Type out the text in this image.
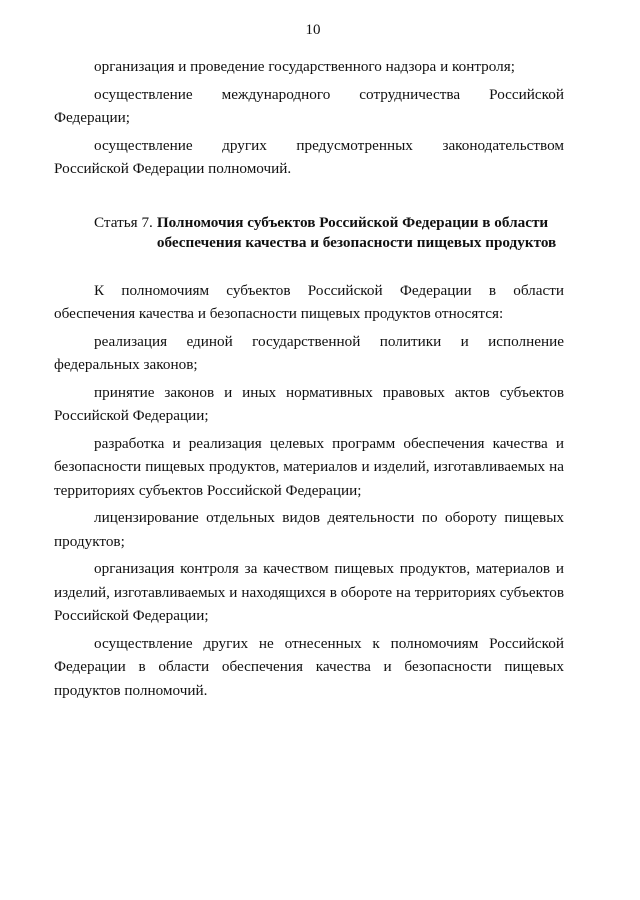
10

организация и проведение государственного надзора и контроля;

осуществление международного сотрудничества Российской Федерации;

осуществление других предусмотренных законодательством Российской Федерации полномочий.

Статья 7. Полномочия субъектов Российской Федерации в области обеспечения качества и безопасности пищевых продуктов

К полномочиям субъектов Российской Федерации в области обеспечения качества и безопасности пищевых продуктов относятся:

реализация единой государственной политики и исполнение федеральных законов;

принятие законов и иных нормативных правовых актов субъектов Российской Федерации;

разработка и реализация целевых программ обеспечения качества и безопасности пищевых продуктов, материалов и изделий, изготавливаемых на территориях субъектов Российской Федерации;

лицензирование отдельных видов деятельности по обороту пищевых продуктов;

организация контроля за качеством пищевых продуктов, материалов и изделий, изготавливаемых и находящихся в обороте на территориях субъектов Российской Федерации;

осуществление других не отнесенных к полномочиям Российской Федерации в области обеспечения качества и безопасности пищевых продуктов полномочий.
